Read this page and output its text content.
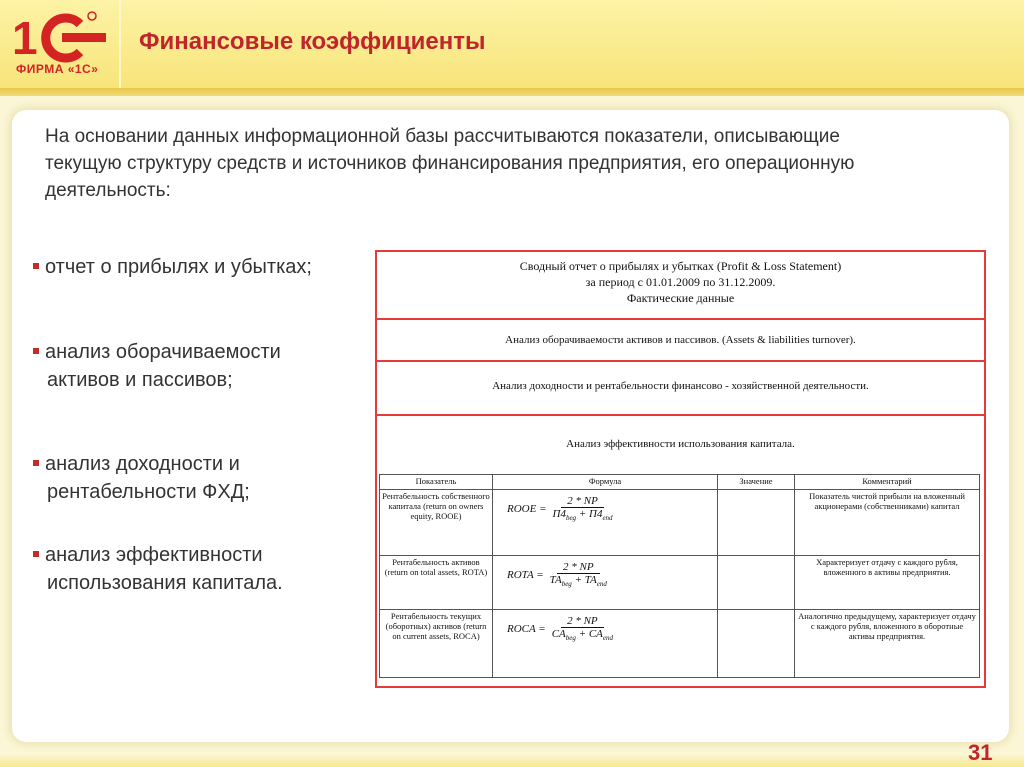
1
ФИРМА «1С»
Финансовые коэффициенты
На основании данных информационной базы рассчитываются показатели, описывающие текущую структуру средств и источников финансирования предприятия, его операционную деятельность:
отчет о прибылях и убытках;
анализ оборачиваемости
активов и пассивов;
анализ доходности и
рентабельности ФХД;
анализ эффективности
использования капитала.
Сводный отчет о прибылях и убытках (Profit & Loss Statement)
за период с 01.01.2009 по 31.12.2009.
Фактические данные
Анализ оборачиваемости активов и пассивов. (Assets & liabilities turnover).
Анализ доходности и рентабельности финансово - хозяйственной деятельности.
Анализ эффективности использования капитала.
Показатель	Формула	Значение	Комментарий
Рентабельность собственного капитала (return on owners equity, ROOE)	ROOE = $\frac{2 * NP}{П4_{beg} + П4_{end}}$		Показатель чистой прибыли на вложенный акционерами (собственниками) капитал
Рентабельность активов (return on total assets, ROTA)	ROTA = $\frac{2 * NP}{TA_{beg} + TA_{end}}$		Характеризует отдачу с каждого рубля, вложенного в активы предприятия.
Рентабельность текущих (оборотных) активов (return on current assets, ROCA)	ROCA = $\frac{2 * NP}{CA_{beg} + CA_{end}}$		Аналогично предыдущему, характеризует отдачу с каждого рубля, вложенного в оборотные активы предприятия.
31
